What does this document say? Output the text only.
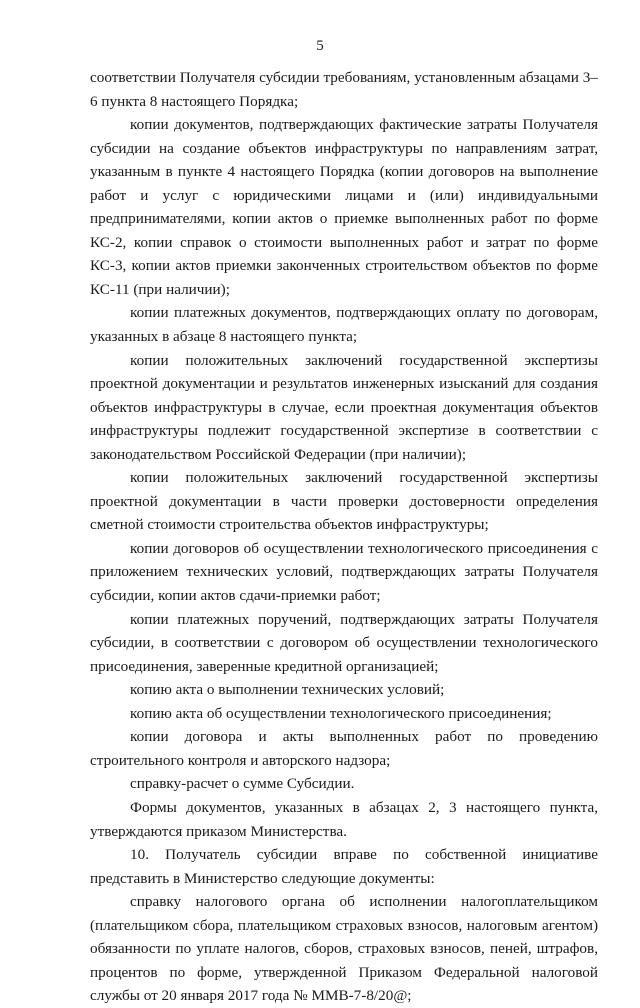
5

соответствии Получателя субсидии требованиям, установленным абзацами 3–6 пункта 8 настоящего Порядка;

копии документов, подтверждающих фактические затраты Получателя субсидии на создание объектов инфраструктуры по направлениям затрат, указанным в пункте 4 настоящего Порядка (копии договоров на выполнение работ и услуг с юридическими лицами и (или) индивидуальными предпринимателями, копии актов о приемке выполненных работ по форме КС-2, копии справок о стоимости выполненных работ и затрат по форме КС-3, копии актов приемки законченных строительством объектов по форме КС-11 (при наличии);

копии платежных документов, подтверждающих оплату по договорам, указанных в абзаце 8 настоящего пункта;

копии положительных заключений государственной экспертизы проектной документации и результатов инженерных изысканий для создания объектов инфраструктуры в случае, если проектная документация объектов инфраструктуры подлежит государственной экспертизе в соответствии с законодательством Российской Федерации (при наличии);

копии положительных заключений государственной экспертизы проектной документации в части проверки достоверности определения сметной стоимости строительства объектов инфраструктуры;

копии договоров об осуществлении технологического присоединения с приложением технических условий, подтверждающих затраты Получателя субсидии, копии актов сдачи-приемки работ;

копии платежных поручений, подтверждающих затраты Получателя субсидии, в соответствии с договором об осуществлении технологического присоединения, заверенные кредитной организацией;

копию акта о выполнении технических условий;

копию акта об осуществлении технологического присоединения;

копии договора и акты выполненных работ по проведению строительного контроля и авторского надзора;

справку-расчет о сумме Субсидии.

Формы документов, указанных в абзацах 2, 3 настоящего пункта, утверждаются приказом Министерства.

10. Получатель субсидии вправе по собственной инициативе представить в Министерство следующие документы:

справку налогового органа об исполнении налогоплательщиком (плательщиком сбора, плательщиком страховых взносов, налоговым агентом) обязанности по уплате налогов, сборов, страховых взносов, пеней, штрафов, процентов по форме, утвержденной Приказом Федеральной налоговой службы от 20 января 2017 года № ММВ-7-8/20@;
